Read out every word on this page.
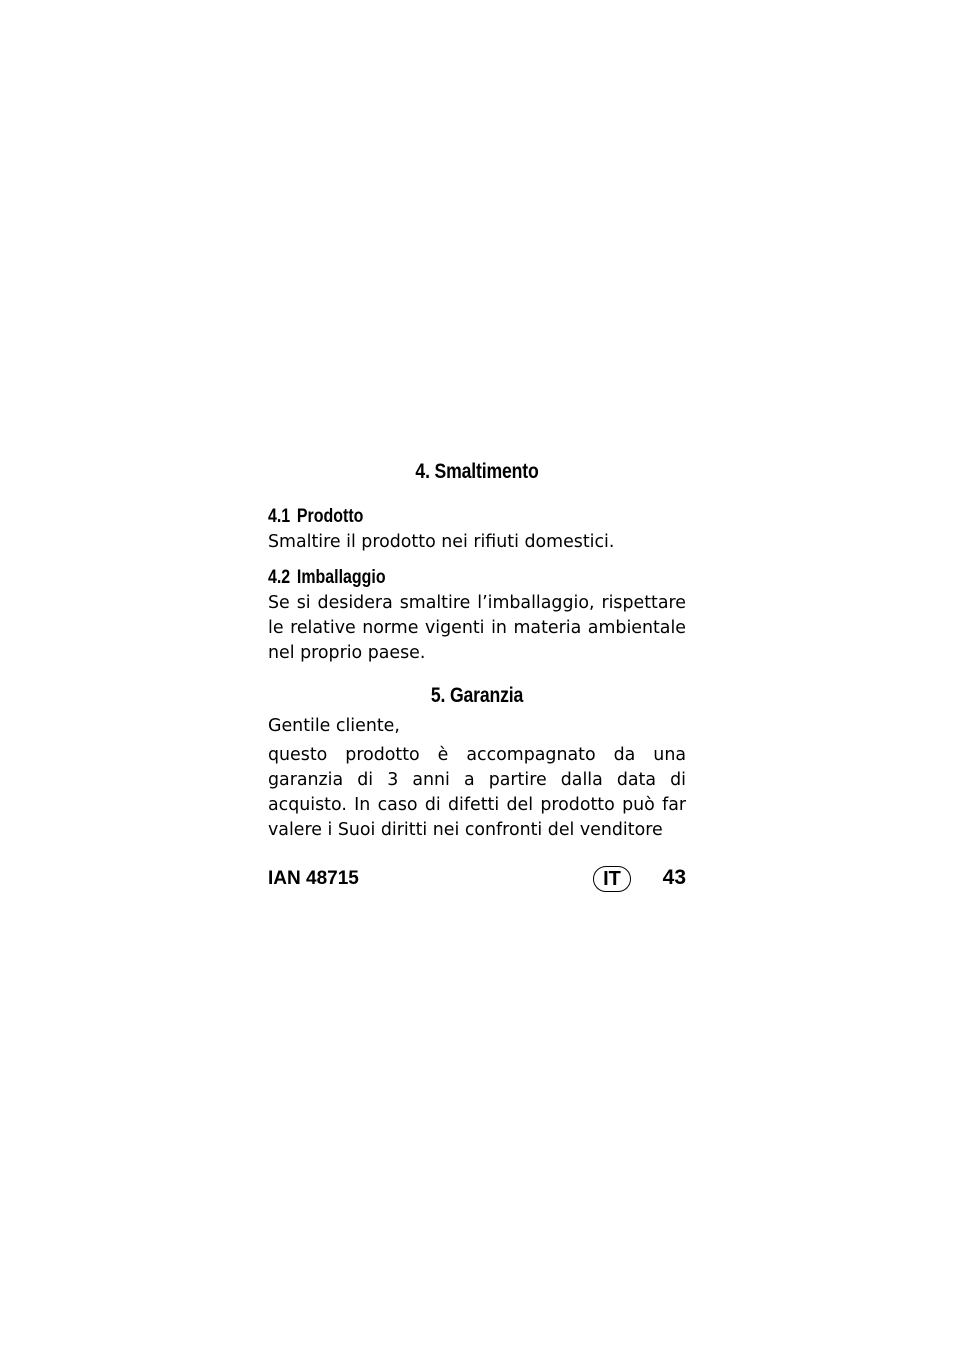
4. Smaltimento
4.1 Prodotto

Smaltire il prodotto nei rifiuti domestici.

4.2 Imballaggio

Se si desidera smaltire l’imballaggio, rispettare le relative norme vigenti in materia ambientale nel proprio paese.

5. Garanzia

Gentile cliente,

questo prodotto è accompagnato da una garanzia di 3 anni a partire dalla data di acquisto. In caso di difetti del prodotto può far valere i Suoi diritti nei confronti del venditore

IAN 48715	IT	43
